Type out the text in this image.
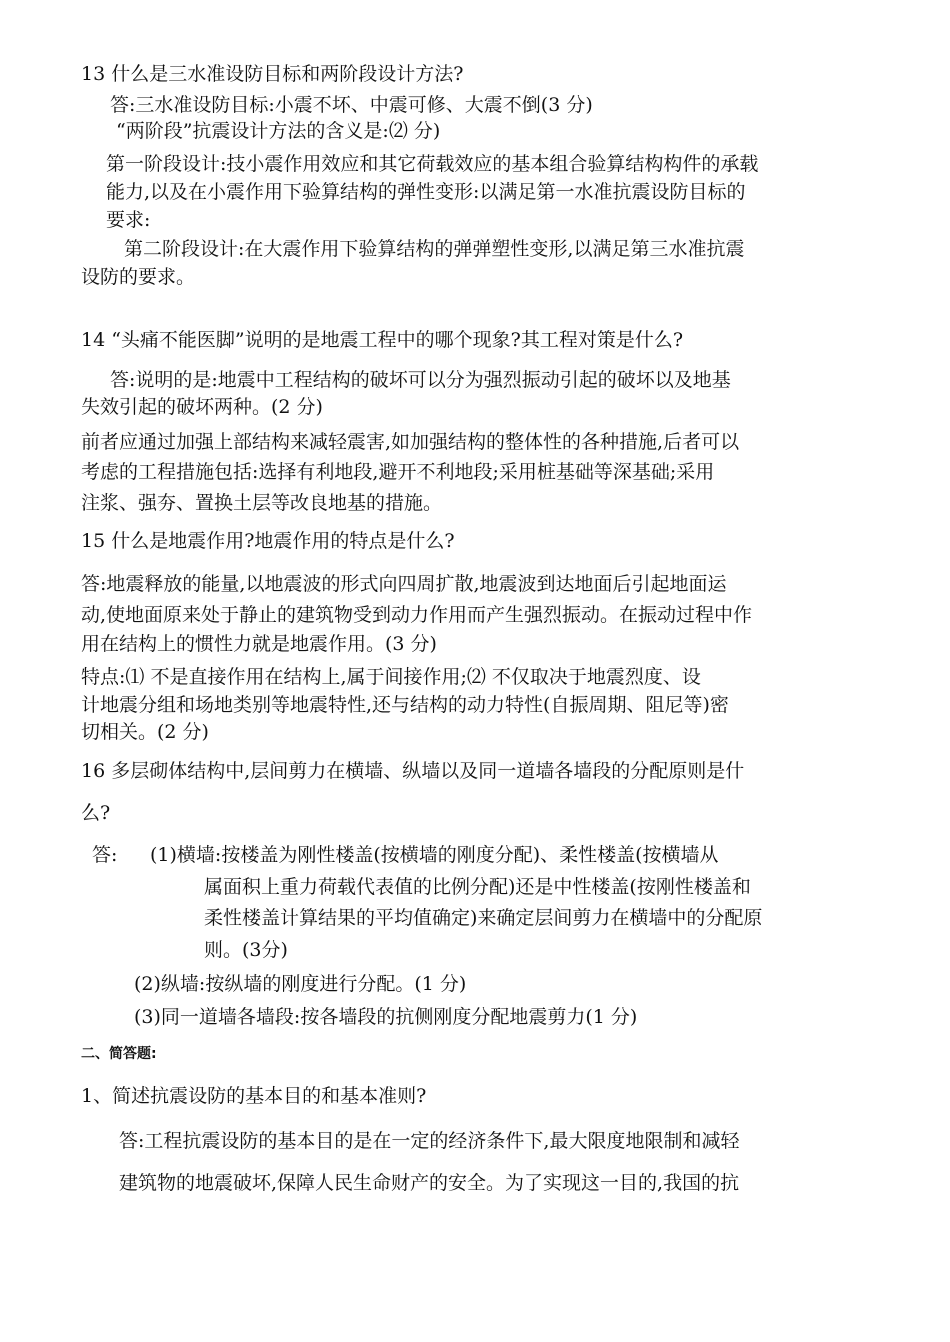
13 什么是三水准设防目标和两阶段设计方法?
答:三水准设防目标:小震不坏、中震可修、大震不倒(3 分)
“两阶段”抗震设计方法的含义是:⑵ 分)
第一阶段设计:技小震作用效应和其它荷载效应的基本组合验算结构构件的承载
能力,以及在小震作用下验算结构的弹性变形:以满足第一水准抗震设防目标的
要求:
第二阶段设计:在大震作用下验算结构的弹弹塑性变形,以满足第三水准抗震
设防的要求。
14 “头痛不能医脚”说明的是地震工程中的哪个现象?其工程对策是什么?
答:说明的是:地震中工程结构的破坏可以分为强烈振动引起的破坏以及地基
失效引起的破坏两种。(2 分)
前者应通过加强上部结构来减轻震害,如加强结构的整体性的各种措施,后者可以
考虑的工程措施包括:选择有利地段,避开不利地段;采用桩基础等深基础;采用
注浆、强夯、置换土层等改良地基的措施。
15 什么是地震作用?地震作用的特点是什么?
答:地震释放的能量,以地震波的形式向四周扩散,地震波到达地面后引起地面运
动,使地面原来处于静止的建筑物受到动力作用而产生强烈振动。在振动过程中作
用在结构上的惯性力就是地震作用。(3 分)
特点:⑴ 不是直接作用在结构上,属于间接作用;⑵ 不仅取决于地震烈度、设
计地震分组和场地类别等地震特性,还与结构的动力特性(自振周期、阻尼等)密
切相关。(2 分)
16 多层砌体结构中,层间剪力在横墙、纵墙以及同一道墙各墙段的分配原则是什
么?
答: (1)横墙:按楼盖为刚性楼盖(按横墙的刚度分配)、柔性楼盖(按横墙从
属面积上重力荷载代表值的比例分配)还是中性楼盖(按刚性楼盖和
柔性楼盖计算结果的平均值确定)来确定层间剪力在横墙中的分配原
则。(3分)
(2)纵墙:按纵墙的刚度进行分配。(1 分)
(3)同一道墙各墙段:按各墙段的抗侧刚度分配地震剪力(1 分)
二、简答题:
1、简述抗震设防的基本目的和基本准则?
答:工程抗震设防的基本目的是在一定的经济条件下,最大限度地限制和减轻
建筑物的地震破坏,保障人民生命财产的安全。为了实现这一目的,我国的抗
